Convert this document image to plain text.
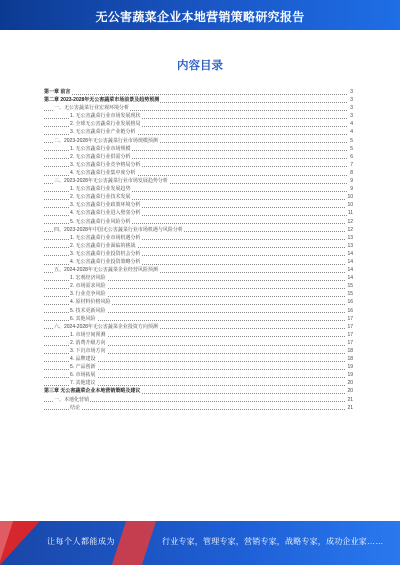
无公害蔬菜企业本地营销策略研究报告
内容目录
第一章 前言	3
第二章 2023-2028年无公害蔬菜市场前景及趋势预测	3
一、无公害蔬菜行业宏观环境分析	3
1. 无公害蔬菜行业市场发展现状	3
2. 全球无公害蔬菜行业发展格局	4
3. 无公害蔬菜行业产业链分析	4
二、2023-2028年无公害蔬菜行业市场规模预测	5
1. 无公害蔬菜行业市场规模	5
2. 无公害蔬菜行业供需分析	6
3. 无公害蔬菜行业竞争格局分析	7
4. 无公害蔬菜行业集中度分析	8
三、2023-2028年无公害蔬菜行业市场发展趋势分析	9
1. 无公害蔬菜行业发展趋势	9
2. 无公害蔬菜行业技术发展	10
3. 无公害蔬菜行业政策环境分析	10
4. 无公害蔬菜行业进入壁垒分析	11
5. 无公害蔬菜行业风险分析	12
四、2023-2028年中国无公害蔬菜行业市场机遇与风险分析	12
1. 无公害蔬菜行业市场机遇分析	13
2. 无公害蔬菜行业面临的挑战	13
3. 无公害蔬菜行业投资机会分析	14
4. 无公害蔬菜行业投资策略分析	14
五、2024-2028年无公害蔬菜企业经营风险预测	14
1. 宏观经济风险	14
2. 市场需求风险	15
3. 行业竞争风险	15
4. 原材料价格风险	16
5. 技术更新风险	16
6. 其他风险	17
六、2024-2028年无公害蔬菜企业投资方向预测	17
1. 市场空间预测	17
2. 消费升级方向	17
3. 下沉市场方向	18
4. 品牌建设	18
5. 产品创新	19
6. 市场拓展	19
7. 其他建议	20
第三章 无公害蔬菜企业本地营销策略及建议	20
一、本地化营销	21
结论	21
让每个人都能成为	行业专家，管理专家，营销专家，战略专家，成功企业家……
